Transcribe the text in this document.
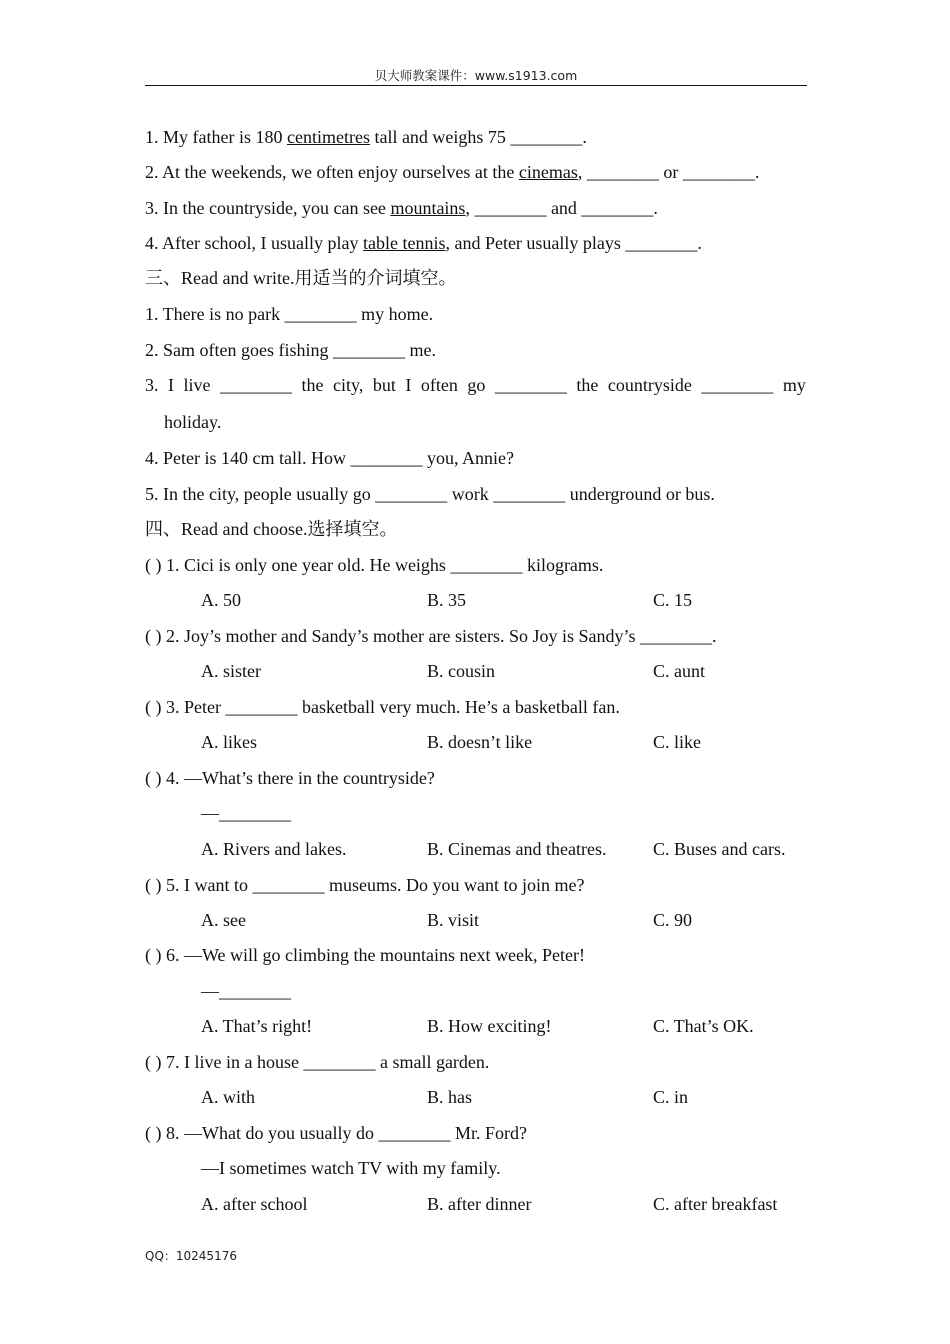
贝大师教案课件：www.s1913.com
1. My father is 180 centimetres tall and weighs 75 ________.
2. At the weekends, we often enjoy ourselves at the cinemas, ________ or ________.
3. In the countryside, you can see mountains, ________ and ________.
4. After school, I usually play table tennis, and Peter usually plays ________.
三、Read and write.用适当的介词填空。
1. There is no park ________ my home.
2. Sam often goes fishing ________ me.
3. I live ________ the city, but I often go ________ the countryside ________ my
holiday.
4. Peter is 140 cm tall. How ________ you, Annie?
5. In the city, people usually go ________ work ________ underground or bus.
四、Read and choose.选择填空。
( ) 1. Cici is only one year old. He weighs ________ kilograms.
A. 50	B. 35	C. 15
( ) 2. Joy’s mother and Sandy’s mother are sisters. So Joy is Sandy’s ________.
A. sister	B. cousin	C. aunt
( ) 3. Peter ________ basketball very much. He’s a basketball fan.
A. likes	B. doesn’t like	C. like
( ) 4. —What’s there in the countryside?
—________
A. Rivers and lakes.	B. Cinemas and theatres.	C. Buses and cars.
( ) 5. I want to ________ museums. Do you want to join me?
A. see	B. visit	C. 90
( ) 6. —We will go climbing the mountains next week, Peter!
—________
A. That’s right!	B. How exciting!	C. That’s OK.
( ) 7. I live in a house ________ a small garden.
A. with	B. has	C. in
( ) 8. —What do you usually do ________ Mr. Ford?
—I sometimes watch TV with my family.
A. after school	B. after dinner	C. after breakfast
QQ：10245176
